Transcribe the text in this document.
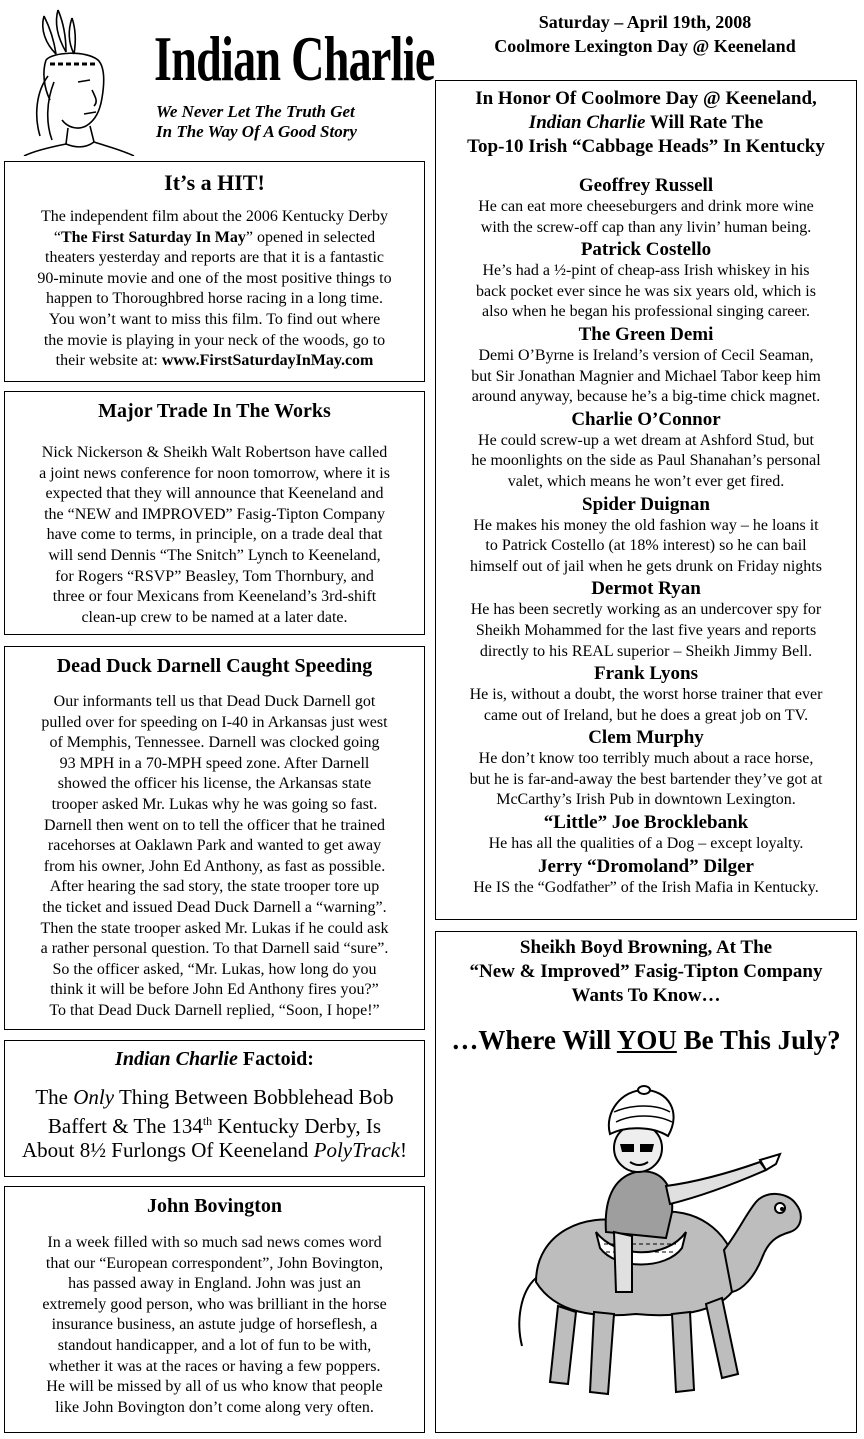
Indian Charlie
We Never Let The Truth Get
In The Way Of A Good Story
Saturday – April 19th, 2008
Coolmore Lexington Day @ Keeneland
It’s a HIT!
The independent film about the 2006 Kentucky Derby
“The First Saturday In May” opened in selected
theaters yesterday and reports are that it is a fantastic
90-minute movie and one of the most positive things to
happen to Thoroughbred horse racing in a long time.
You won’t want to miss this film. To find out where
the movie is playing in your neck of the woods, go to
their website at: www.FirstSaturdayInMay.com
Major Trade In The Works
Nick Nickerson & Sheikh Walt Robertson have called
a joint news conference for noon tomorrow, where it is
expected that they will announce that Keeneland and
the “NEW and IMPROVED” Fasig-Tipton Company
have come to terms, in principle, on a trade deal that
will send Dennis “The Snitch” Lynch to Keeneland,
for Rogers “RSVP” Beasley, Tom Thornbury, and
three or four Mexicans from Keeneland’s 3rd-shift
clean-up crew to be named at a later date.
Dead Duck Darnell Caught Speeding
Our informants tell us that Dead Duck Darnell got
pulled over for speeding on I-40 in Arkansas just west
of Memphis, Tennessee. Darnell was clocked going
93 MPH in a 70-MPH speed zone. After Darnell
showed the officer his license, the Arkansas state
trooper asked Mr. Lukas why he was going so fast.
Darnell then went on to tell the officer that he trained
racehorses at Oaklawn Park and wanted to get away
from his owner, John Ed Anthony, as fast as possible.
After hearing the sad story, the state trooper tore up
the ticket and issued Dead Duck Darnell a “warning”.
Then the state trooper asked Mr. Lukas if he could ask
a rather personal question. To that Darnell said “sure”.
So the officer asked, “Mr. Lukas, how long do you
think it will be before John Ed Anthony fires you?”
To that Dead Duck Darnell replied, “Soon, I hope!”
Indian Charlie Factoid:
The Only Thing Between Bobblehead Bob
Baffert & The 134th Kentucky Derby, Is
About 8½ Furlongs Of Keeneland PolyTrack!
John Bovington
In a week filled with so much sad news comes word
that our “European correspondent”, John Bovington,
has passed away in England. John was just an
extremely good person, who was brilliant in the horse
insurance business, an astute judge of horseflesh, a
standout handicapper, and a lot of fun to be with,
whether it was at the races or having a few poppers.
He will be missed by all of us who know that people
like John Bovington don’t come along very often.
In Honor Of Coolmore Day @ Keeneland,
Indian Charlie Will Rate The
Top-10 Irish “Cabbage Heads” In Kentucky
Geoffrey Russell
He can eat more cheeseburgers and drink more wine
with the screw-off cap than any livin’ human being.
Patrick Costello
He’s had a ½-pint of cheap-ass Irish whiskey in his
back pocket ever since he was six years old, which is
also when he began his professional singing career.
The Green Demi
Demi O’Byrne is Ireland’s version of Cecil Seaman,
but Sir Jonathan Magnier and Michael Tabor keep him
around anyway, because he’s a big-time chick magnet.
Charlie O’Connor
He could screw-up a wet dream at Ashford Stud, but
he moonlights on the side as Paul Shanahan’s personal
valet, which means he won’t ever get fired.
Spider Duignan
He makes his money the old fashion way – he loans it
to Patrick Costello (at 18% interest) so he can bail
himself out of jail when he gets drunk on Friday nights
Dermot Ryan
He has been secretly working as an undercover spy for
Sheikh Mohammed for the last five years and reports
directly to his REAL superior – Sheikh Jimmy Bell.
Frank Lyons
He is, without a doubt, the worst horse trainer that ever
came out of Ireland, but he does a great job on TV.
Clem Murphy
He don’t know too terribly much about a race horse,
but he is far-and-away the best bartender they’ve got at
McCarthy’s Irish Pub in downtown Lexington.
“Little” Joe Brocklebank
He has all the qualities of a Dog – except loyalty.
Jerry “Dromoland” Dilger
He IS the “Godfather” of the Irish Mafia in Kentucky.
Sheikh Boyd Browning, At The
“New & Improved” Fasig-Tipton Company
Wants To Know…
…Where Will YOU Be This July?
